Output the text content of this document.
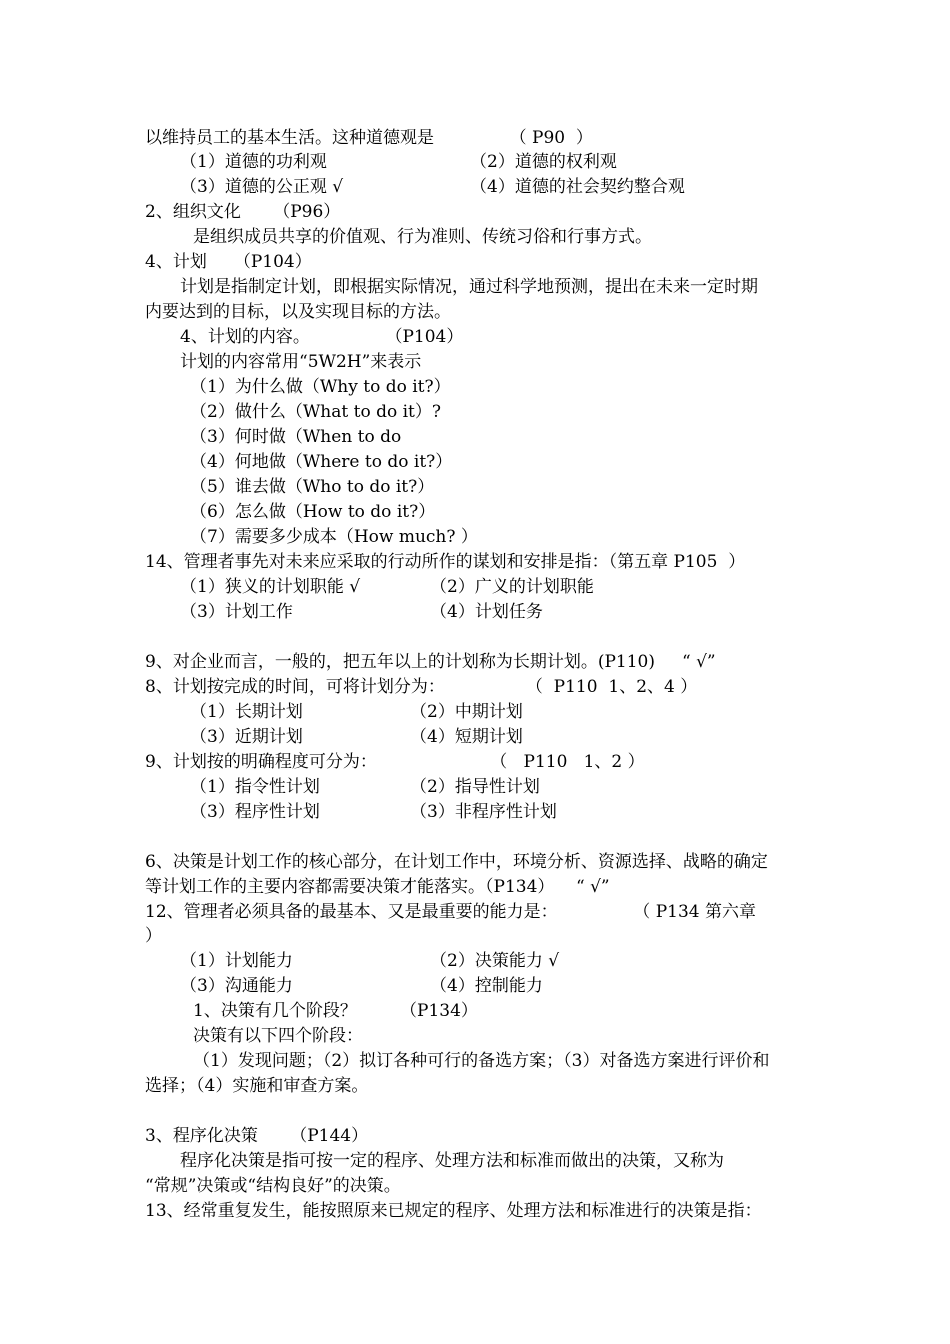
以维持员工的基本生活。这种道德观是              （ P90  ）
（1）道德的功利观	（2）道德的权利观
（3）道德的公正观 √	（4）道德的社会契约整合观
2、组织文化      （P96）
是组织成员共享的价值观、行为准则、传统习俗和行事方式。
4、计划     （P104）
计划是指制定计划，即根据实际情况，通过科学地预测，提出在未来一定时期
内要达到的目标，以及实现目标的方法。
4、计划的内容。              （P104）
计划的内容常用“5W2H”来表示
（1）为什么做（Why to do it?）
（2）做什么（What to do it）?
（3）何时做（When to do
（4）何地做（Where to do it?）
（5）谁去做（Who to do it?）
（6）怎么做（How to do it?）
（7）需要多少成本（How much? ）
14、管理者事先对未来应采取的行动所作的谋划和安排是指：（第五章 P105  ）
（1）狭义的计划职能 √	（2）广义的计划职能
（3）计划工作	（4）计划任务
9、对企业而言，一般的，把五年以上的计划称为长期计划。(P110)     “ √”
8、计划按完成的时间，可将计划分为：               （  P110  1、2、4 ）
（1）长期计划	（2）中期计划
（3）近期计划	（4）短期计划
9、计划按的明确程度可分为：                     （   P110   1、2 ）
（1）指令性计划	（2）指导性计划
（3）程序性计划	（3）非程序性计划
6、决策是计划工作的核心部分，在计划工作中，环境分析、资源选择、战略的确定
等计划工作的主要内容都需要决策才能落实。（P134）    “ √”
12、管理者必须具备的最基本、又是最重要的能力是：              （ P134 第六章
）
（1）计划能力	（2）决策能力 √
（3）沟通能力	（4）控制能力
1、决策有几个阶段？        （P134）
决策有以下四个阶段：
（1）发现问题；（2）拟订各种可行的备选方案；（3）对备选方案进行评价和
选择；（4）实施和审查方案。
3、程序化决策      （P144）
程序化决策是指可按一定的程序、处理方法和标准而做出的决策，又称为
“常规”决策或“结构良好”的决策。
13、经常重复发生，能按照原来已规定的程序、处理方法和标准进行的决策是指：
